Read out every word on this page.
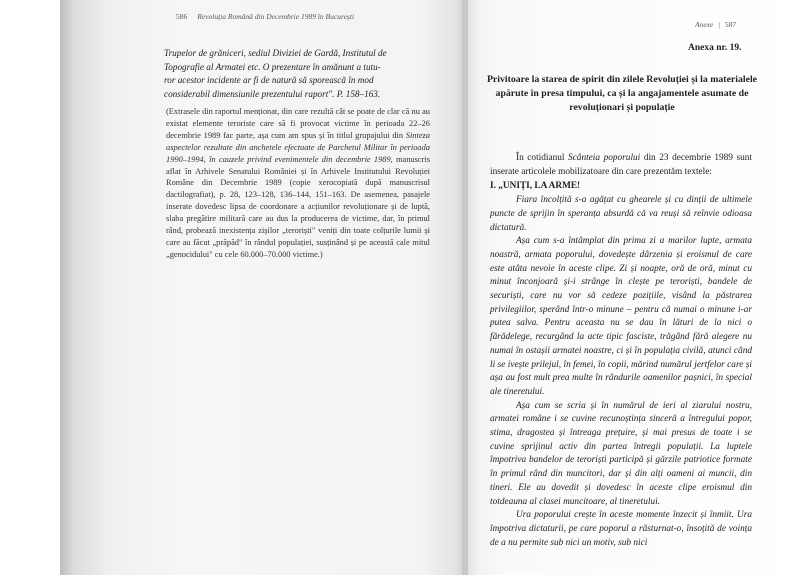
586 Revoluția Română din Decembrie 1989 în București
Trupelor de grăniceri, sediul Diviziei de Gardă, Institutul de
Topografie al Armatei etc. O prezentare în amănunt a tutu-
ror acestor incidente ar fi de natură să sporească în mod
considerabil dimensiunile prezentului raport". P. 158–163.
(Extrasele din raportul menționat, din care rezultă cât se poate de clar că nu au existat elemente teroriste care să fi provocat victime în perioada 22–26 decembrie 1989 fac parte, așa cum am spus și în titlul grupajului din Sinteza aspectelor rezultate din anchetele efectuate de Parchetul Militar în perioada 1990–1994, în cauzele privind evenimentele din decembrie 1989, manuscris aflat în Arhivele Senatului României și în Arhivele Institutului Revoluției Române din Decembrie 1989 (copie xerocopiată după manuscrisul dactilografiat), p. 28, 123–128, 136–144, 151–163. De asemenea, pasajele inserate dovedesc lipsa de coordonare a acțiunilor revoluționare și de luptă, slaba pregătire militară care au dus la producerea de victime, dar, în primul rând, probează inexistența zișilor „teroriști" veniți din toate colțurile lumii și care au făcut „prăpăd" în rândul populației, susținând și pe această cale mitul „genocidului" cu cele 60.000–70.000 victime.)
Anexe | 587
Anexa nr. 19.
Privitoare la starea de spirit din zilele Revoluției și la materialele apărute în presa timpului, ca și la angajamentele asumate de revoluționari și populație

În cotidianul Scânteia poporului din 23 decembrie 1989 sunt inserate articolele mobilizatoare din care prezentăm textele:

I. „UNIȚI, LA ARME!

Fiara încolțită s-a agățat cu ghearele și cu dinții de ultimele puncte de sprijin în speranța absurdă că va reuși să reînvie odioasa dictatură.

Așa cum s-a întâmplat din prima zi a marilor lupte, armata noastră, armata poporului, dovedește dârzenia și eroismul de care este atâta nevoie în aceste clipe. Zi și noapte, oră de oră, minut cu minut înconjoară și-i strânge în clește pe teroriști, bandele de securiști, care nu vor să cedeze pozițiile, visând la păstrarea privilegiilor, sperând într-o minune – pentru că numai o minune i-ar putea salva. Pentru aceasta nu se dau în lături de la nici o fărădelege, recurgând la acte tipic fasciste, trăgând fără alegere nu numai în ostașii armatei noastre, ci și în populația civilă, atunci când li se ivește prilejul, în femei, în copii, mărind numărul jertfelor care și așa au fost mult prea multe în rândurile oamenilor pașnici, în special ale tineretului.

Așa cum se scria și în numărul de ieri al ziarului nostru, armatei române i se cuvine recunoștința sinceră a întregului popor, stima, dragostea și întreaga prețuire, și mai presus de toate i se cuvine sprijinul activ din partea întregii populații. La luptele împotriva bandelor de teroriști participă și gărzile patriotice formate în primul rând din muncitori, dar și din alți oameni ai muncii, din tineri. Ele au dovedit și dovedesc în aceste clipe eroismul din totdeauna al clasei muncitoare, al tineretului.

Ura poporului crește în aceste momente înzecit și înmiit. Ura împotriva dictaturii, pe care poporul a răsturnat-o, însoțită de voința de a nu permite sub nici un motiv, sub nici
